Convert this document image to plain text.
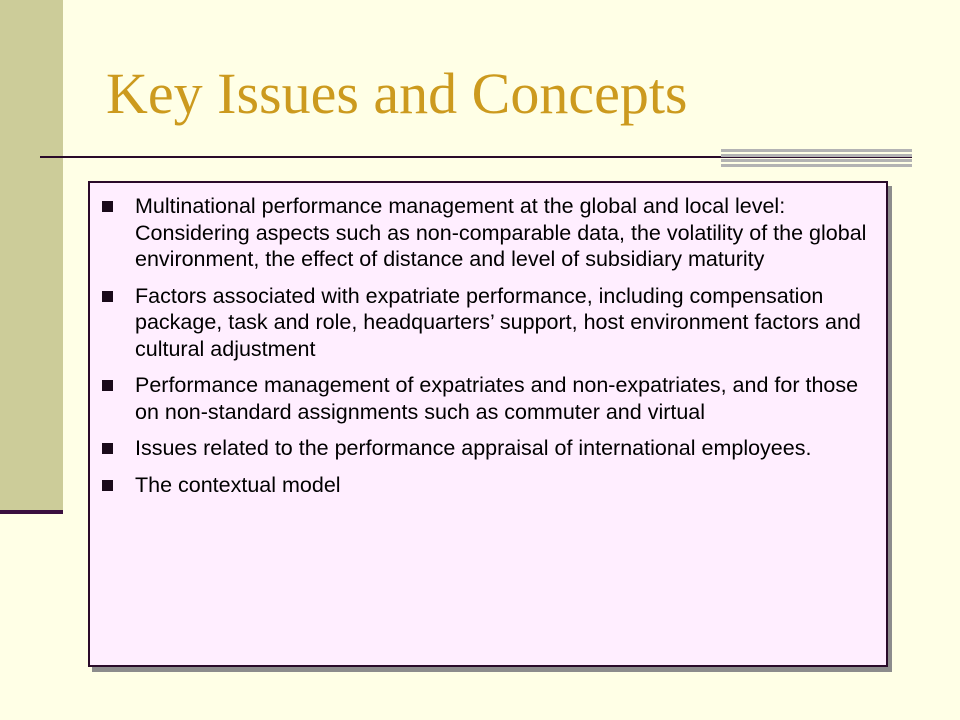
Key Issues and Concepts
Multinational performance management at the global and local level: Considering aspects such as non-comparable data, the volatility of the global environment, the effect of distance and level of subsidiary maturity
Factors associated with expatriate performance, including compensation package, task and role, headquarters’ support, host environment factors and cultural adjustment
Performance management of expatriates and non-expatriates, and for those on non-standard assignments such as commuter and virtual
Issues related to the performance appraisal of international employees.
The contextual model
